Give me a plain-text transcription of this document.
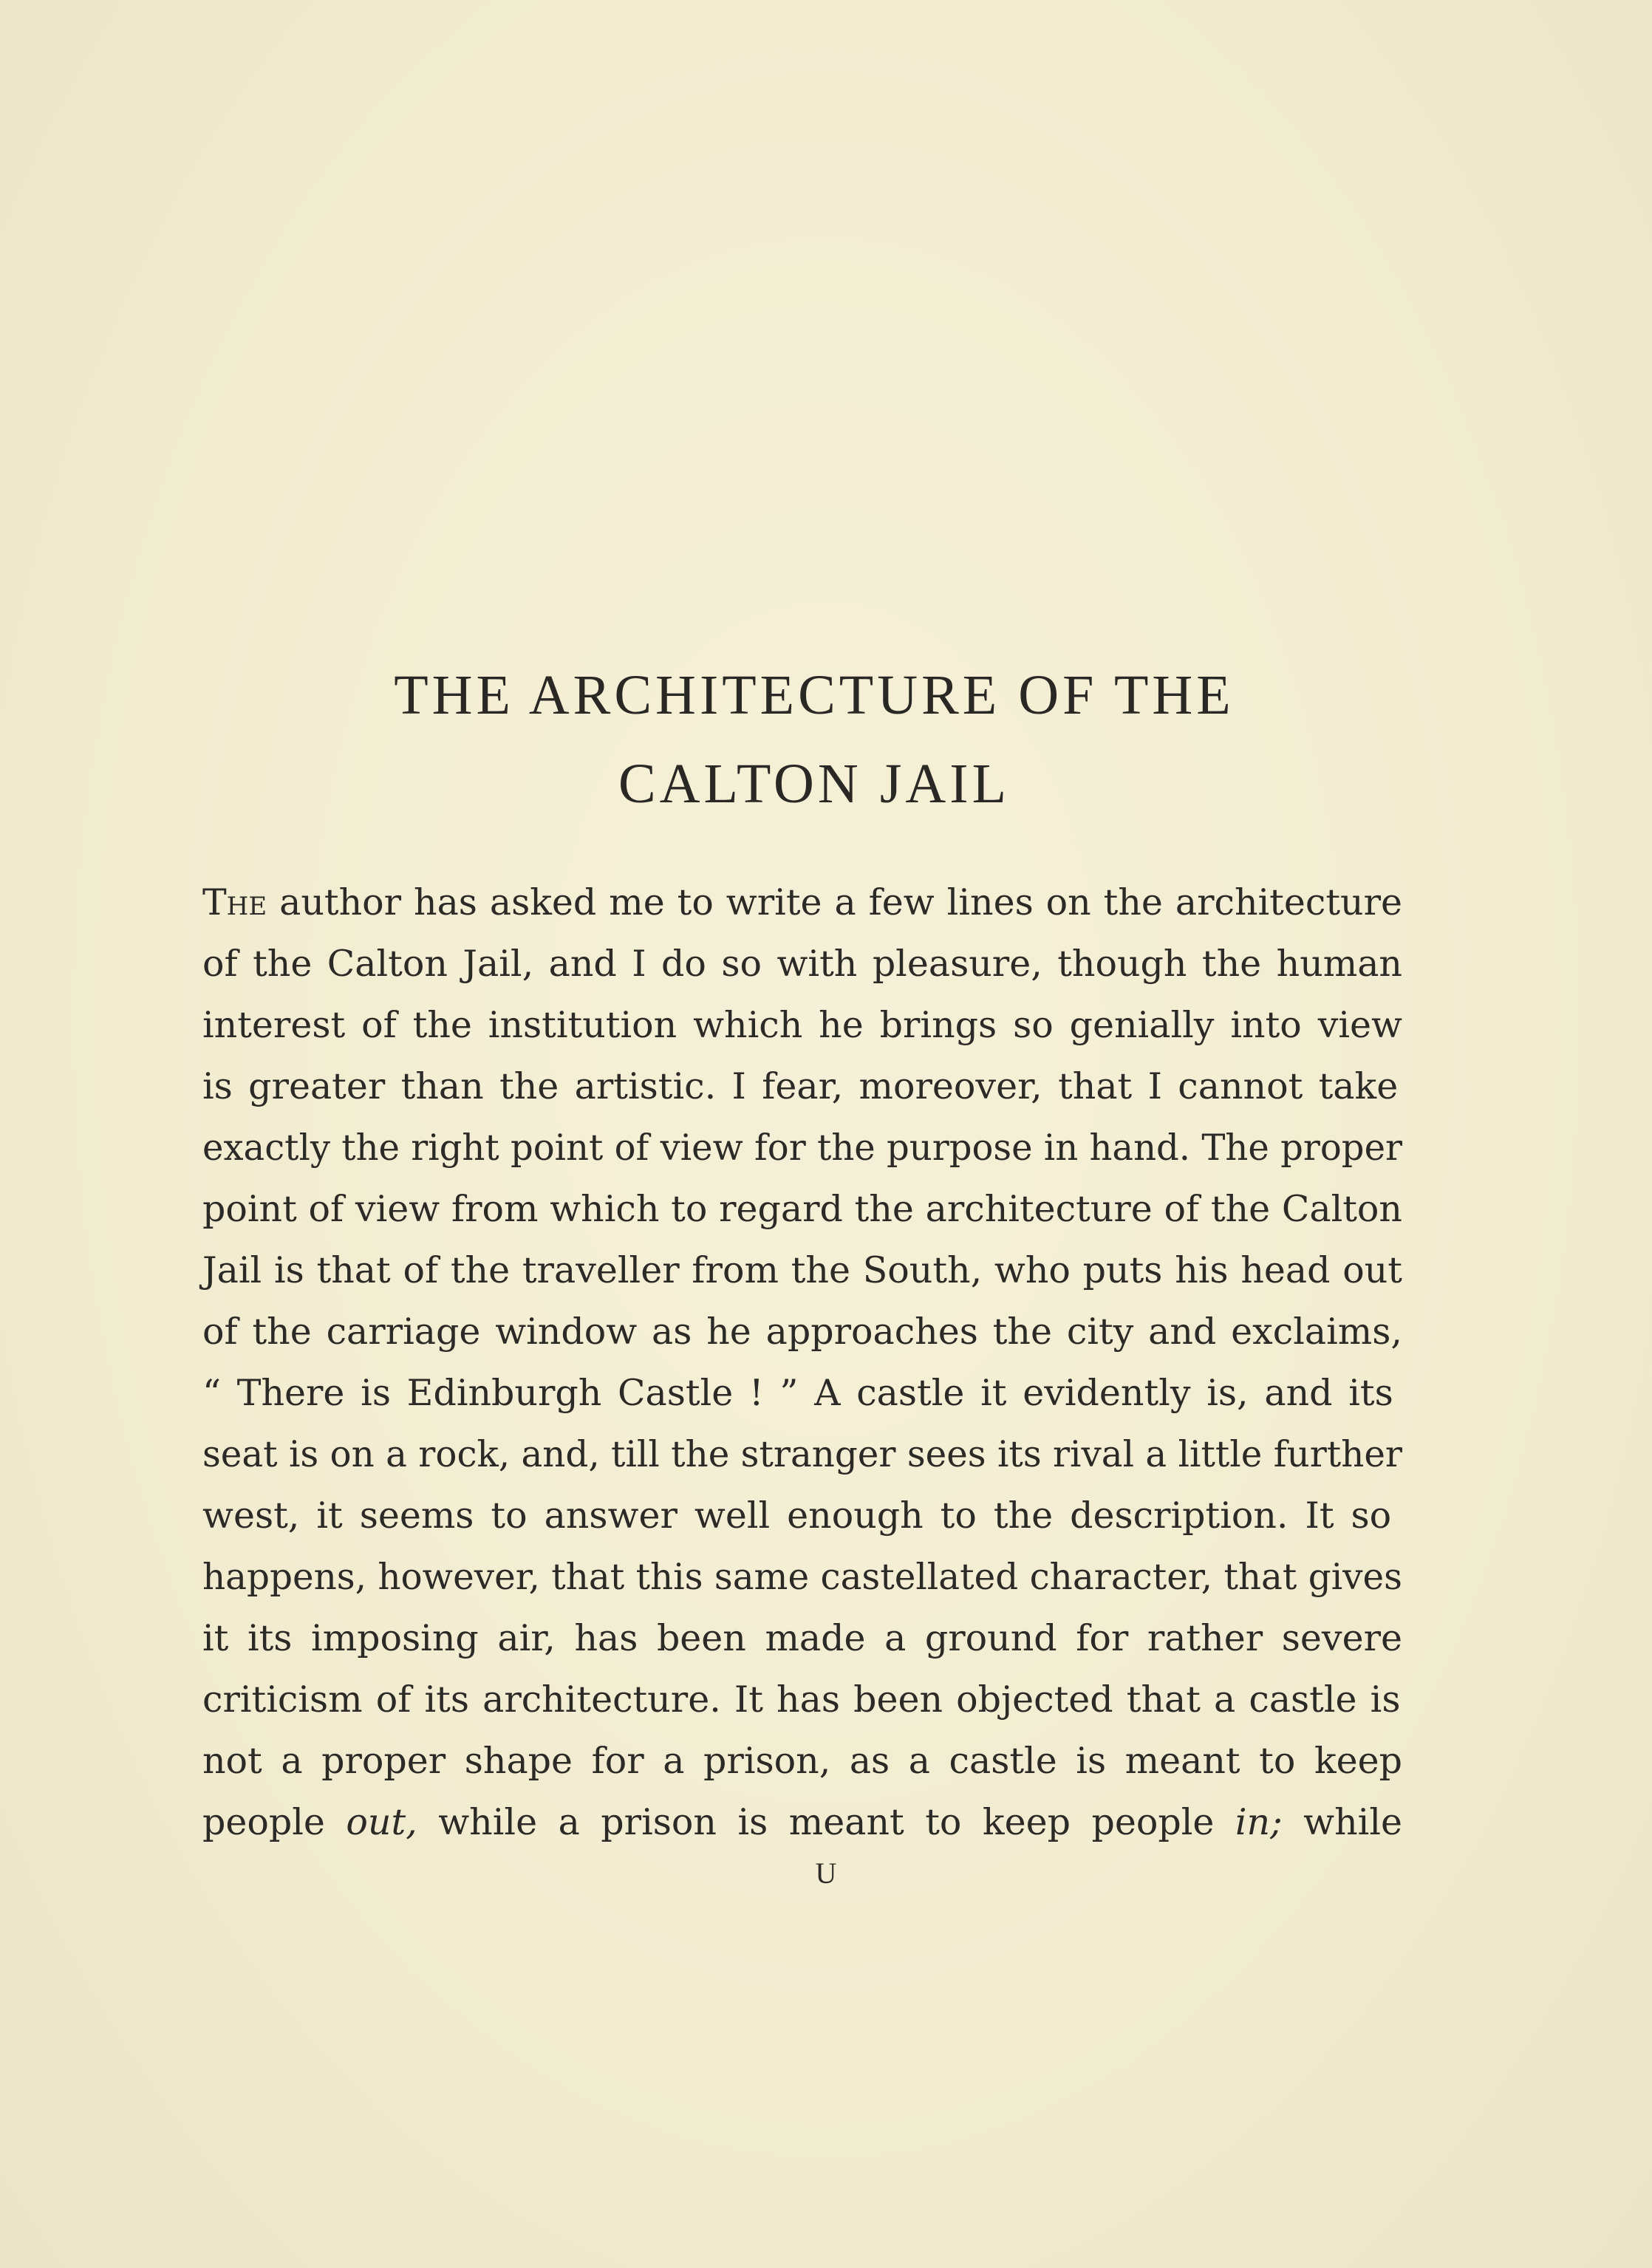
THE ARCHITECTURE OF THE
CALTON JAIL
The author has asked me to write a few lines on the architecture
of the Calton Jail, and I do so with pleasure, though the human
interest of the institution which he brings so genially into view
is greater than the artistic. I fear, moreover, that I cannot take
exactly the right point of view for the purpose in hand. The proper
point of view from which to regard the architecture of the Calton
Jail is that of the traveller from the South, who puts his head out
of the carriage window as he approaches the city and exclaims,
“ There is Edinburgh Castle ! ” A castle it evidently is, and its
seat is on a rock, and, till the stranger sees its rival a little further
west, it seems to answer well enough to the description. It so
happens, however, that this same castellated character, that gives
it its imposing air, has been made a ground for rather severe
criticism of its architecture. It has been objected that a castle is
not a proper shape for a prison, as a castle is meant to keep
people out, while a prison is meant to keep people in; while
U
